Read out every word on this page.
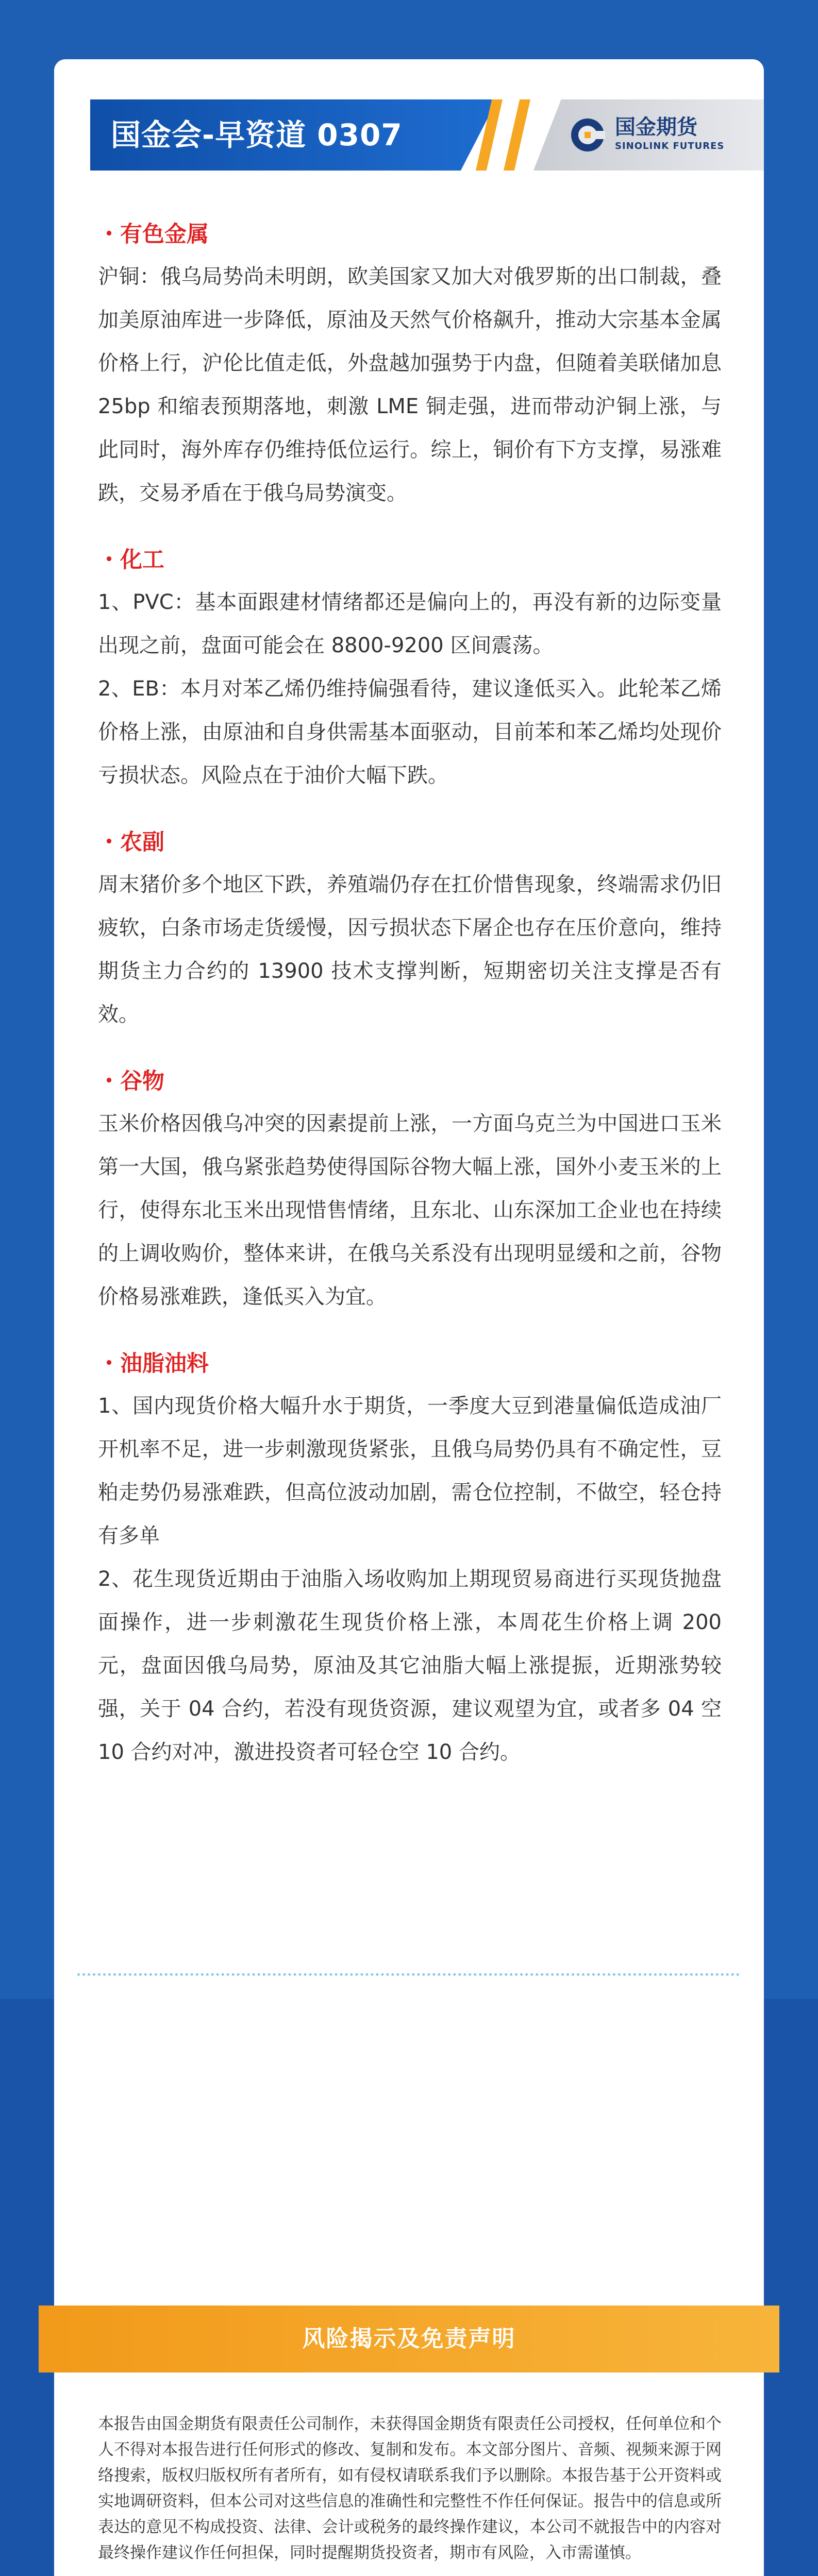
国金会-早资道 0307	国金期货
SINOLINK FUTURES
・有色金属

沪铜：俄乌局势尚未明朗，欧美国家又加大对俄罗斯的出口制裁，叠加美原油库进一步降低，原油及天然气价格飙升，推动大宗基本金属价格上行，沪伦比值走低，外盘越加强势于内盘，但随着美联储加息 25bp 和缩表预期落地，刺激 LME 铜走强，进而带动沪铜上涨，与此同时，海外库存仍维持低位运行。综上，铜价有下方支撑，易涨难跌，交易矛盾在于俄乌局势演变。

・化工

1、PVC：基本面跟建材情绪都还是偏向上的，再没有新的边际变量出现之前，盘面可能会在 8800-9200 区间震荡。

2、EB：本月对苯乙烯仍维持偏强看待，建议逢低买入。此轮苯乙烯价格上涨，由原油和自身供需基本面驱动，目前苯和苯乙烯均处现价亏损状态。风险点在于油价大幅下跌。

・农副

周末猪价多个地区下跌，养殖端仍存在扛价惜售现象，终端需求仍旧疲软，白条市场走货缓慢，因亏损状态下屠企也存在压价意向，维持期货主力合约的 13900 技术支撑判断，短期密切关注支撑是否有效。

・谷物

玉米价格因俄乌冲突的因素提前上涨，一方面乌克兰为中国进口玉米第一大国，俄乌紧张趋势使得国际谷物大幅上涨，国外小麦玉米的上行，使得东北玉米出现惜售情绪，且东北、山东深加工企业也在持续的上调收购价，整体来讲，在俄乌关系没有出现明显缓和之前，谷物价格易涨难跌，逢低买入为宜。

・油脂油料

1、国内现货价格大幅升水于期货，一季度大豆到港量偏低造成油厂开机率不足，进一步刺激现货紧张，且俄乌局势仍具有不确定性，豆粕走势仍易涨难跌，但高位波动加剧，需仓位控制，不做空，轻仓持有多单

2、花生现货近期由于油脂入场收购加上期现贸易商进行买现货抛盘面操作，进一步刺激花生现货价格上涨，本周花生价格上调 200 元，盘面因俄乌局势，原油及其它油脂大幅上涨提振，近期涨势较强，关于 04 合约，若没有现货资源，建议观望为宜，或者多 04 空 10 合约对冲，激进投资者可轻仓空 10 合约。

风险揭示及免责声明

本报告由国金期货有限责任公司制作，未获得国金期货有限责任公司授权，任何单位和个人不得对本报告进行任何形式的修改、复制和发布。本文部分图片、音频、视频来源于网络搜索，版权归版权所有者所有，如有侵权请联系我们予以删除。本报告基于公开资料或实地调研资料，但本公司对这些信息的准确性和完整性不作任何保证。报告中的信息或所表达的意见不构成投资、法律、会计或税务的最终操作建议，本公司不就报告中的内容对最终操作建议作任何担保，同时提醒期货投资者，期市有风险，入市需谨慎。
